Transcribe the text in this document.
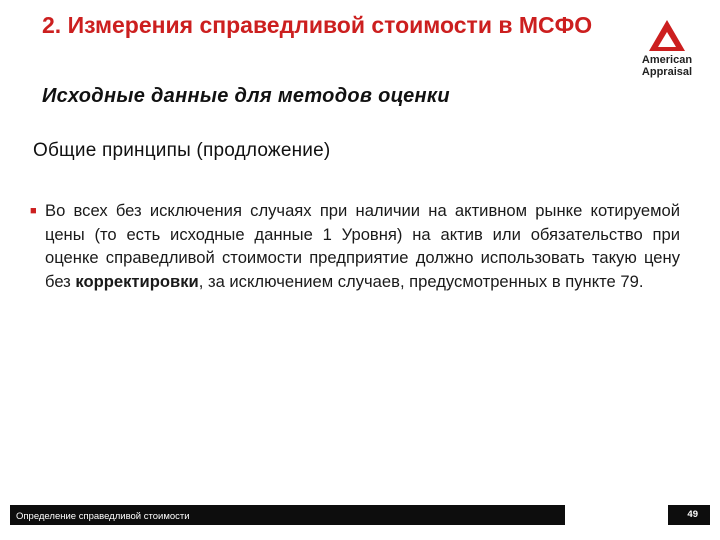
2. Измерения справедливой стоимости в МСФО
American
Appraisal
Исходные данные для методов оценки
Общие принципы (продложение)
■ Во всех без исключения случаях при наличии на активном рынке котируемой цены (то есть исходные данные 1 Уровня) на актив или обязательство при оценке справедливой стоимости предприятие должно использовать такую цену без корректировки, за исключением случаев, предусмотренных в пункте 79.
Определение справедливой стоимости	49
